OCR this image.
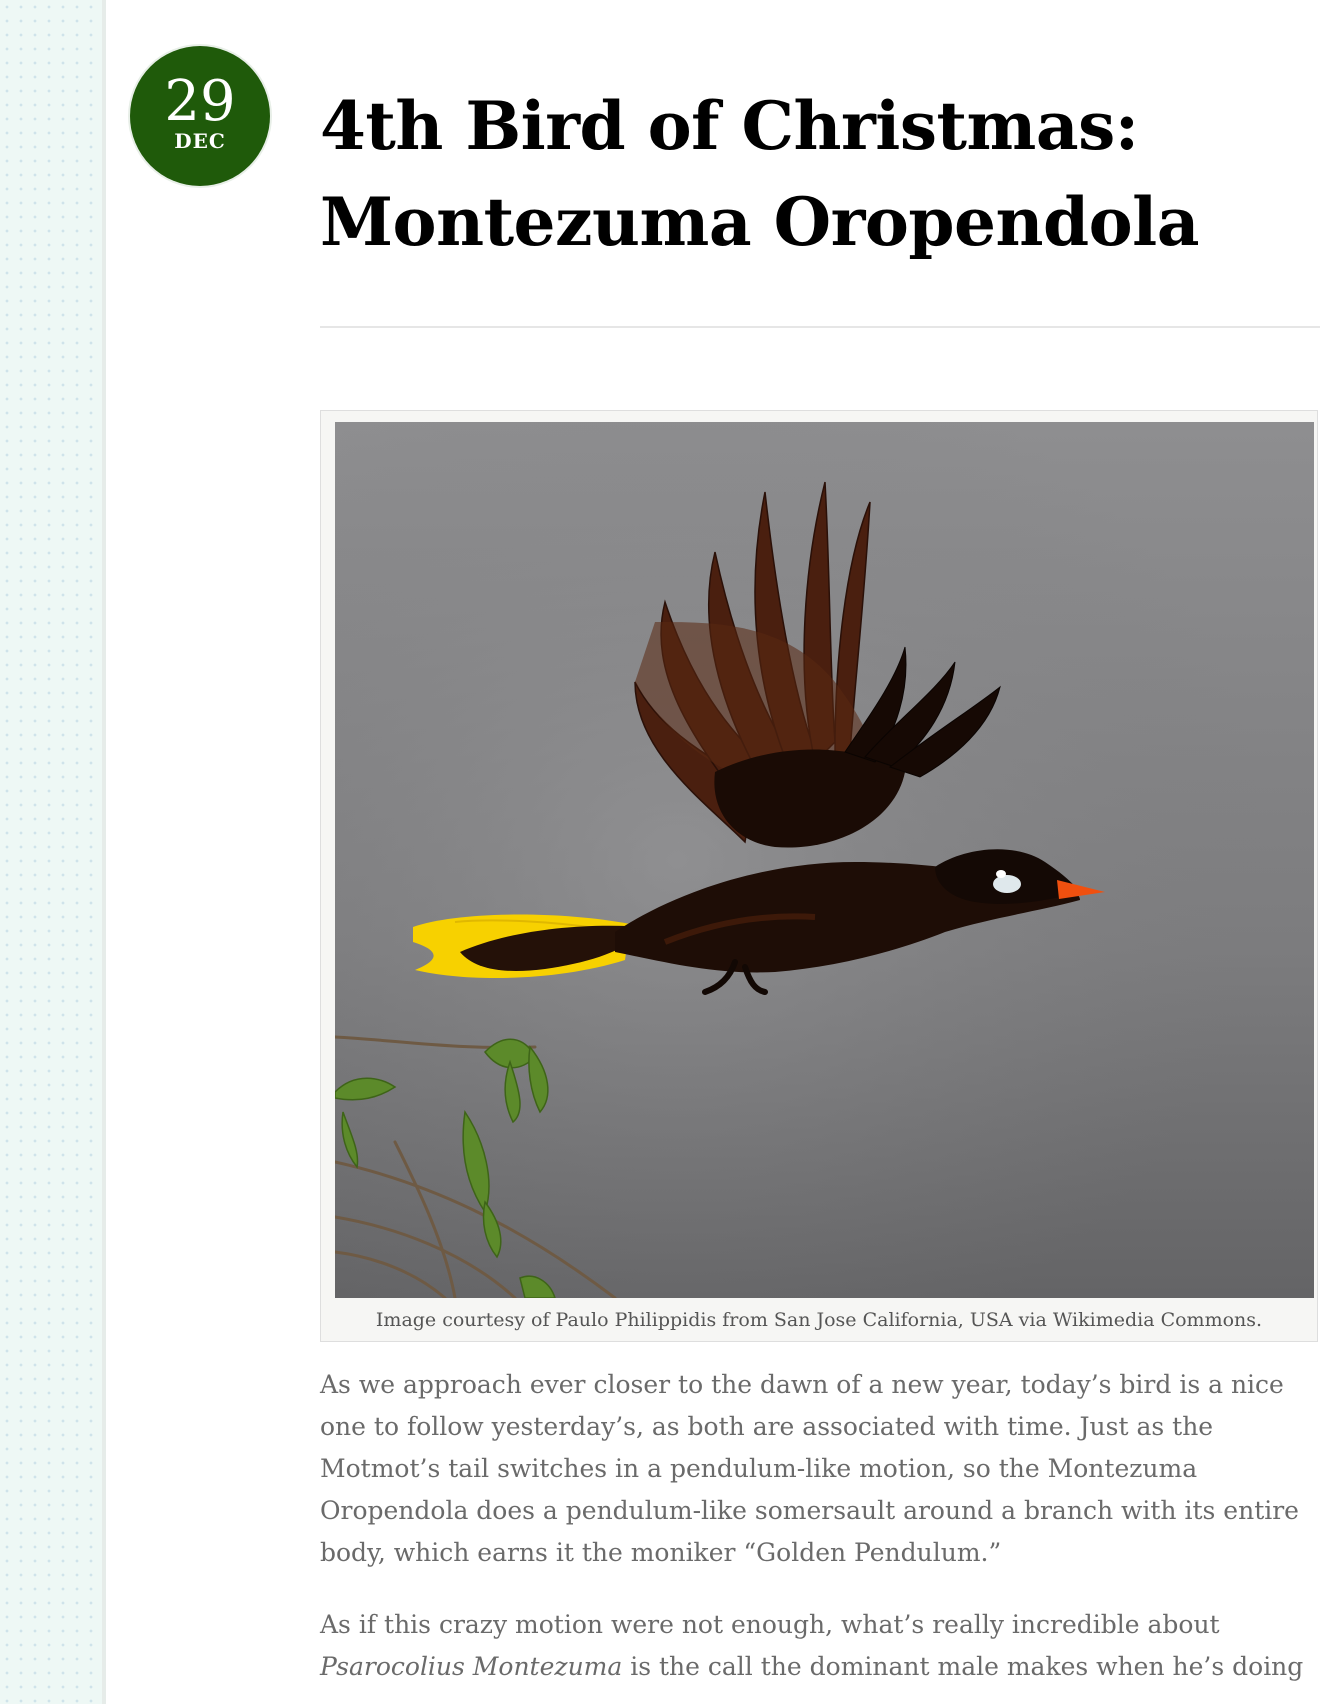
29
DEC	4th Bird of Christmas: Montezuma Oropendola
Image courtesy of Paulo Philippidis from San Jose California, USA via Wikimedia Commons.

As we approach ever closer to the dawn of a new year, today’s bird is a nice one to follow yesterday’s, as both are associated with time. Just as the Motmot’s tail switches in a pendulum-like motion, so the Montezuma Oropendola does a pendulum-like somersault around a branch with its entire body, which earns it the moniker “Golden Pendulum.”

As if this crazy motion were not enough, what’s really incredible about Psarocolius Montezuma is the call the dominant male makes when he’s doing
